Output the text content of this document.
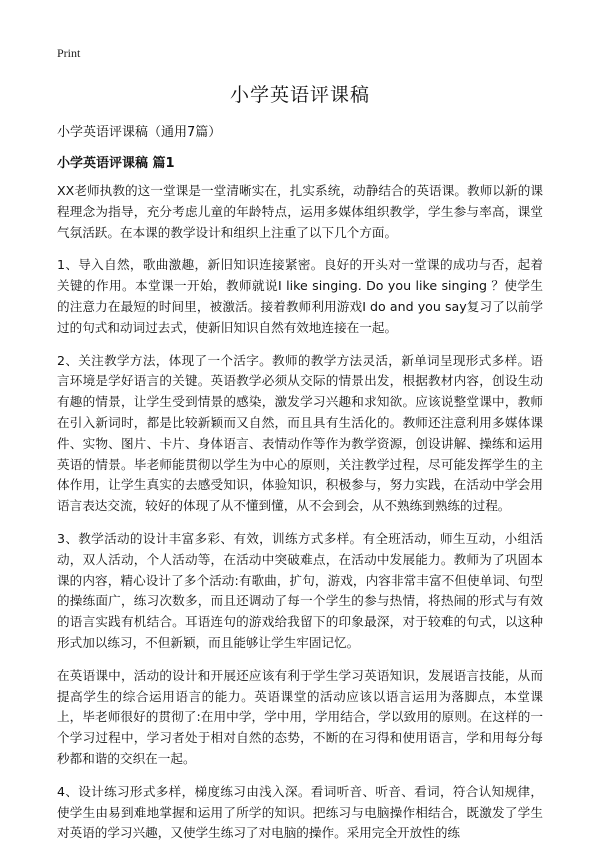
Print
小学英语评课稿
小学英语评课稿（通用7篇）
小学英语评课稿 篇1

XX老师执教的这一堂课是一堂清晰实在，扎实系统，动静结合的英语课。教师以新的课程理念为指导，充分考虑儿童的年龄特点，运用多媒体组织教学，学生参与率高，课堂气氛活跃。在本课的教学设计和组织上注重了以下几个方面。

1、导入自然，歌曲激趣，新旧知识连接紧密。良好的开头对一堂课的成功与否，起着关键的作用。本堂课一开始，教师就说I like singing. Do you like singing ？使学生的注意力在最短的时间里，被激活。接着教师利用游戏I do and you say复习了以前学过的句式和动词过去式，使新旧知识自然有效地连接在一起。

2、关注教学方法，体现了一个活字。教师的教学方法灵活，新单词呈现形式多样。语言环境是学好语言的关键。英语教学必须从交际的情景出发，根据教材内容，创设生动有趣的情景，让学生受到情景的感染，激发学习兴趣和求知欲。应该说整堂课中，教师在引入新词时，都是比较新颖而又自然，而且具有生活化的。教师还注意利用多媒体课件、实物、图片、卡片、身体语言、表情动作等作为教学资源，创设讲解、操练和运用英语的情景。毕老师能贯彻以学生为中心的原则，关注教学过程，尽可能发挥学生的主体作用，让学生真实的去感受知识，体验知识，积极参与，努力实践，在活动中学会用语言表达交流，较好的体现了从不懂到懂，从不会到会，从不熟练到熟练的过程。

3、教学活动的设计丰富多彩、有效，训练方式多样。有全班活动，师生互动，小组活动，双人活动，个人活动等，在活动中突破难点，在活动中发展能力。教师为了巩固本课的内容，精心设计了多个活动:有歌曲，扩句，游戏，内容非常丰富不但使单词、句型的操练面广，练习次数多，而且还调动了每一个学生的参与热情，将热闹的形式与有效的语言实践有机结合。耳语连句的游戏给我留下的印象最深，对于较难的句式，以这种形式加以练习，不但新颖，而且能够让学生牢固记忆。

在英语课中，活动的设计和开展还应该有利于学生学习英语知识，发展语言技能，从而提高学生的综合运用语言的能力。英语课堂的活动应该以语言运用为落脚点，本堂课上，毕老师很好的贯彻了:在用中学，学中用，学用结合，学以致用的原则。在这样的一个学习过程中，学习者处于相对自然的态势，不断的在习得和使用语言，学和用每分每秒都和谐的交织在一起。

4、设计练习形式多样，梯度练习由浅入深。看词听音、听音、看词，符合认知规律，使学生由易到难地掌握和运用了所学的知识。把练习与电脑操作相结合，既激发了学生对英语的学习兴趣，又使学生练习了对电脑的操作。采用完全开放性的练
